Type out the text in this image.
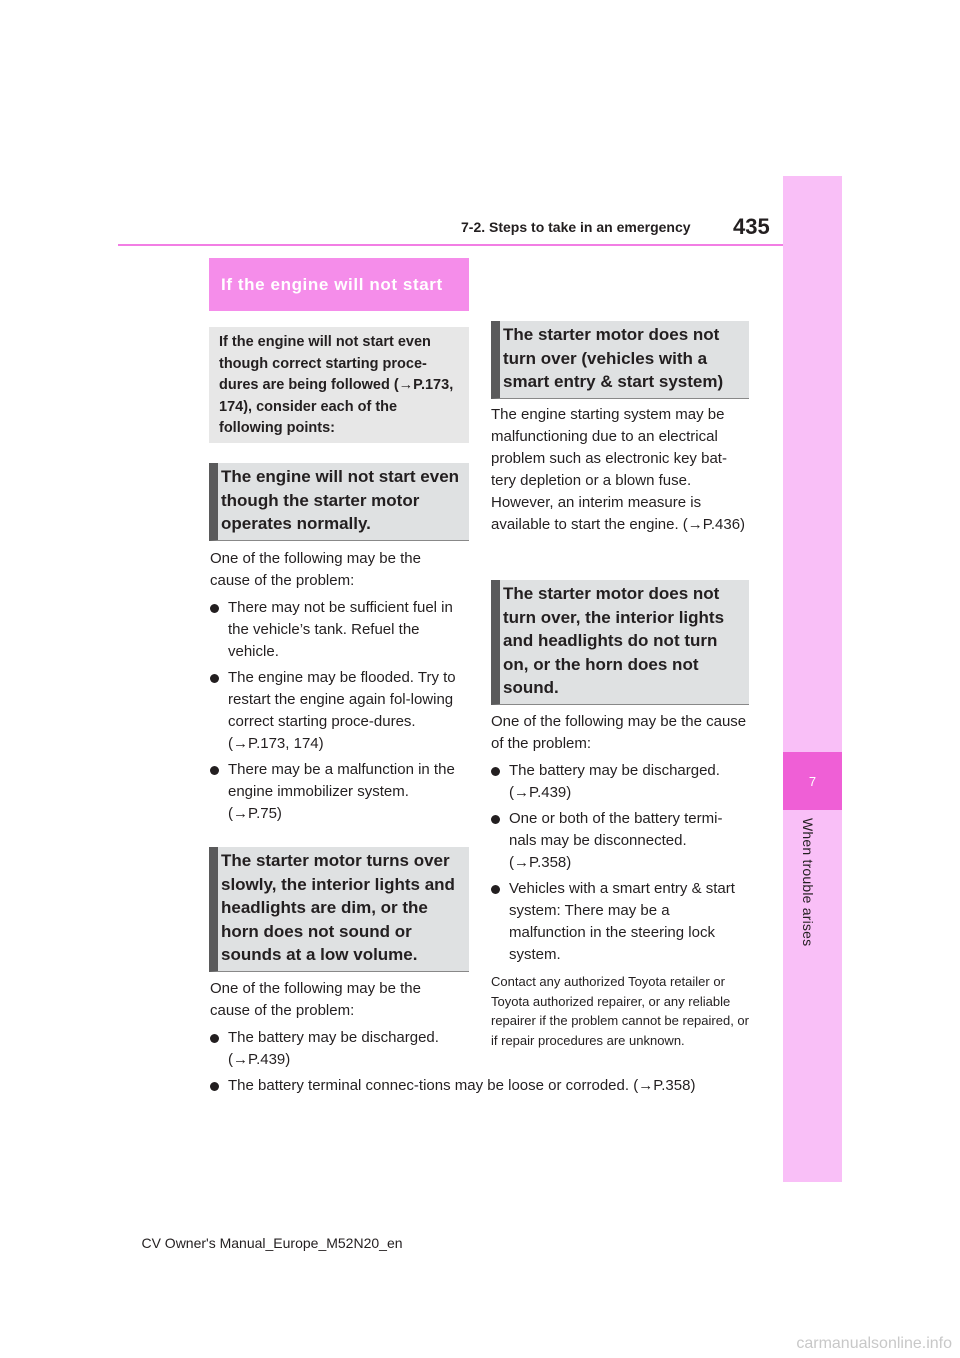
7
When trouble arises
7-2. Steps to take in an emergency 435
If the engine will not start
If the engine will not start even though correct starting proce-dures are being followed (→P.173, 174), consider each of the following points:
The engine will not start even though the starter motor operates normally.
One of the following may be the cause of the problem:
There may not be sufficient fuel in the vehicle’s tank. Refuel the vehicle.
The engine may be flooded. Try to restart the engine again fol-lowing correct starting proce-dures. (→P.173, 174)
There may be a malfunction in the engine immobilizer system. (→P.75)
The starter motor turns over slowly, the interior lights and headlights are dim, or the horn does not sound or sounds at a low volume.
One of the following may be the cause of the problem:
The battery may be discharged. (→P.439)
The battery terminal connec-tions may be loose or corroded. (→P.358)
The starter motor does not turn over (vehicles with a smart entry & start system)
The engine starting system may be malfunctioning due to an electrical problem such as electronic key bat-tery depletion or a blown fuse. However, an interim measure is available to start the engine. (→P.436)
The starter motor does not turn over, the interior lights and headlights do not turn on, or the horn does not sound.
One of the following may be the cause of the problem:
The battery may be discharged. (→P.439)
One or both of the battery termi-nals may be disconnected. (→P.358)
Vehicles with a smart entry & start system: There may be a malfunction in the steering lock system.
Contact any authorized Toyota retailer or Toyota authorized repairer, or any reliable repairer if the problem cannot be repaired, or if repair procedures are unknown.
CV Owner's Manual_Europe_M52N20_en
carmanualsonline.info
